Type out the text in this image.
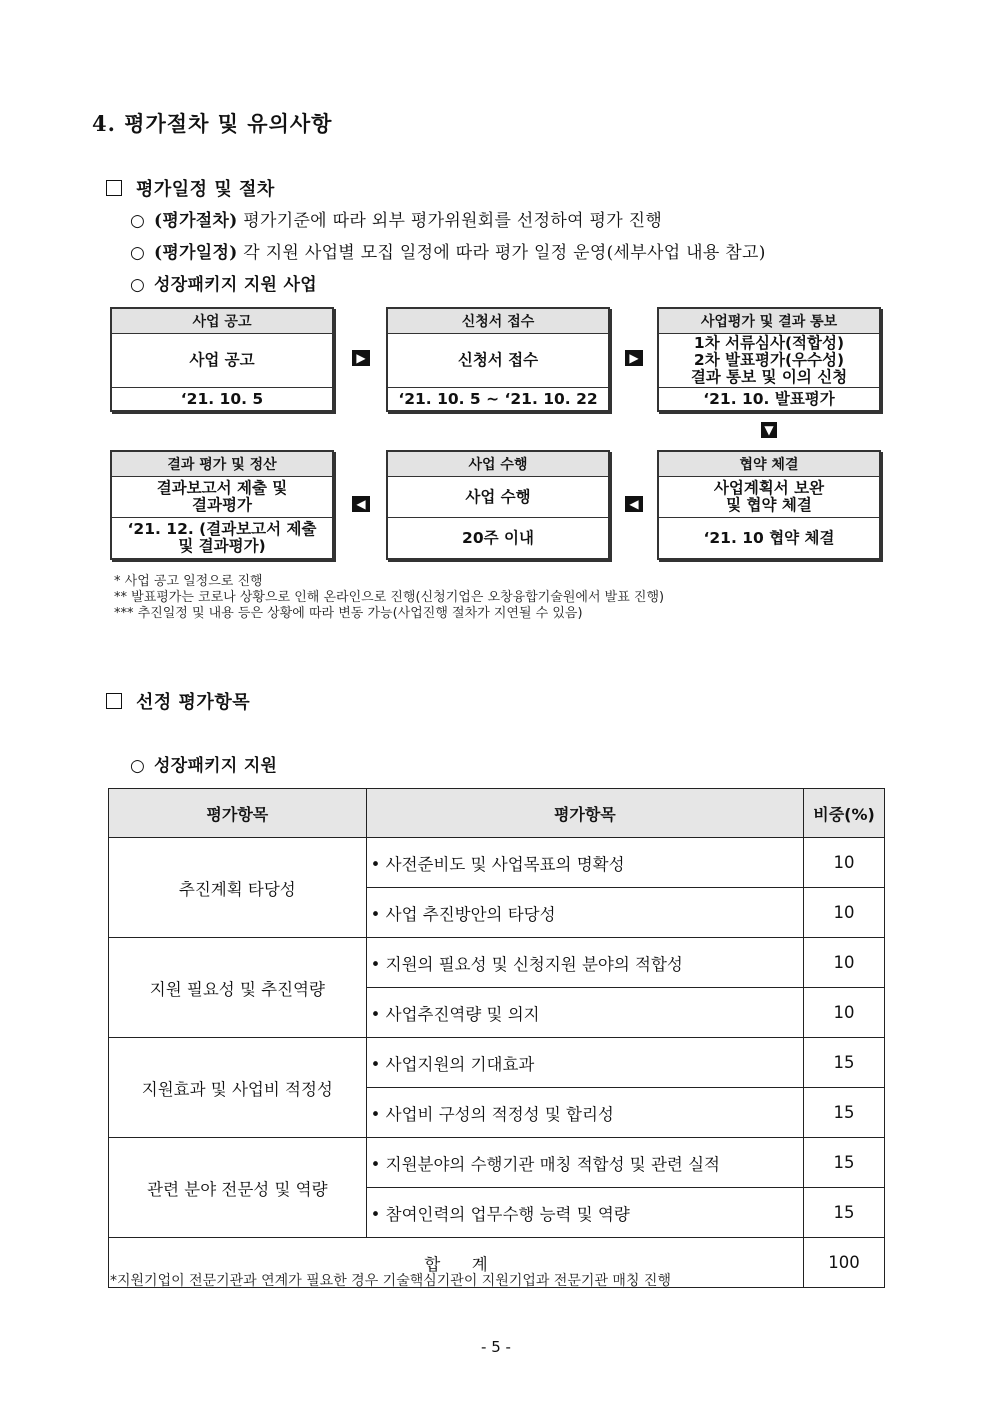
4. 평가절차 및 유의사항
평가일정 및 절차
○ (평가절차) 평가기준에 따라 외부 평가위원회를 선정하여 평가 진행
○ (평가일정) 각 지원 사업별 모집 일정에 따라 평가 일정 운영(세부사업 내용 참고)
○ 성장패키지 지원 사업
사업 공고
사업 공고
‘21. 10. 5
▶
신청서 접수
신청서 접수
‘21. 10. 5 ~ ‘21. 10. 22
▶
사업평가 및 결과 통보
1차 서류심사(적합성)
2차 발표평가(우수성)
결과 통보 및 이의 신청
‘21. 10. 발표평가
▼
결과 평가 및 정산
결과보고서 제출 및
결과평가
‘21. 12. (결과보고서 제출
및 결과평가)
◀
사업 수행
사업 수행
20주 이내
◀
협약 체결
사업계획서 보완
및 협약 체결
‘21. 10 협약 체결
* 사업 공고 일정으로 진행
** 발표평가는 코로나 상황으로 인해 온라인으로 진행(신청기업은 오창융합기술원에서 발표 진행)
*** 추진일정 및 내용 등은 상황에 따라 변동 가능(사업진행 절차가 지연될 수 있음)
선정 평가항목
○ 성장패키지 지원
평가항목	평가항목	비중(%)
추진계획 타당성	• 사전준비도 및 사업목표의 명확성	10
	• 사업 추진방안의 타당성	10
지원 필요성 및 추진역량	• 지원의 필요성 및 신청지원 분야의 적합성	10
	• 사업추진역량 및 의지	10
지원효과 및 사업비 적정성	• 사업지원의 기대효과	15
	• 사업비 구성의 적정성 및 합리성	15
관련 분야 전문성 및 역량	• 지원분야의 수행기관 매칭 적합성 및 관련 실적	15
	• 참여인력의 업무수행 능력 및 역량	15
합      계		100
*지원기업이 전문기관과 연계가 필요한 경우 기술핵심기관이 지원기업과 전문기관 매칭 진행
- 5 -
